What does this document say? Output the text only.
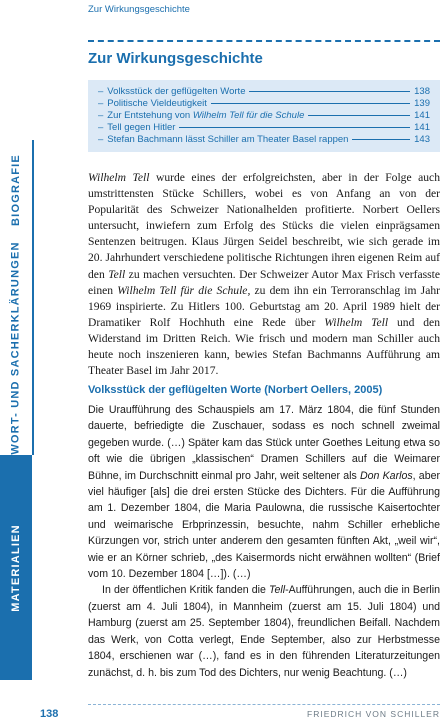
BIOGRAFIE
WORT- UND SACHERKLÄRUNGEN
MATERIALIEN
Zur Wirkungsgeschichte
Zur Wirkungsgeschichte
– Volksstück der geflügelten Worte	138
– Politische Vieldeutigkeit	139
– Zur Entstehung von Wilhelm Tell für die Schule	141
– Tell gegen Hitler	141
– Stefan Bachmann lässt Schiller am Theater Basel rappen	143
Wilhelm Tell wurde eines der erfolgreichsten, aber in der Folge auch umstrittensten Stücke Schillers, wobei es von Anfang an von der Popularität des Schweizer Nationalhelden profitierte. Norbert Oellers untersucht, inwiefern zum Erfolg des Stücks die vielen einprägsamen Sentenzen beitrugen. Klaus Jürgen Seidel beschreibt, wie sich gerade im 20. Jahrhundert verschiedene politische Richtungen ihren eigenen Reim auf den Tell zu machen versuchten. Der Schweizer Autor Max Frisch verfasste einen Wilhelm Tell für die Schule, zu dem ihn ein Terroranschlag im Jahr 1969 inspirierte. Zu Hitlers 100. Geburtstag am 20. April 1989 hielt der Dramatiker Rolf Hochhuth eine Rede über Wilhelm Tell und den Widerstand im Dritten Reich. Wie frisch und modern man Schiller auch heute noch inszenieren kann, bewies Stefan Bachmanns Aufführung am Theater Basel im Jahr 2017.
Volksstück der geflügelten Worte (Norbert Oellers, 2005)

Die Uraufführung des Schauspiels am 17. März 1804, die fünf Stunden dauerte, befriedigte die Zuschauer, sodass es noch schnell zweimal gegeben wurde. (…) Später kam das Stück unter Goethes Leitung etwa so oft wie die übrigen „klassischen“ Dramen Schillers auf die Weimarer Bühne, im Durchschnitt einmal pro Jahr, weit seltener als Don Karlos, aber viel häufiger [als] die drei ersten Stücke des Dichters. Für die Aufführung am 1. Dezember 1804, die Maria Paulowna, die russische Kaisertochter und weimarische Erbprinzessin, besuchte, nahm Schiller erhebliche Kürzungen vor, strich unter anderem den gesamten fünften Akt, „weil wir“, wie er an Körner schrieb, „des Kaisermords nicht erwähnen wollten“ (Brief vom 10. Dezember 1804 […]). (…)

In der öffentlichen Kritik fanden die Tell-Aufführungen, auch die in Berlin (zuerst am 4. Juli 1804), in Mannheim (zuerst am 15. Juli 1804) und Hamburg (zuerst am 25. September 1804), freundlichen Beifall. Nachdem das Werk, von Cotta verlegt, Ende September, also zur Herbstmesse 1804, erschienen war (…), fand es in den führenden Literaturzeitungen zunächst, d. h. bis zum Tod des Dichters, nur wenig Beachtung. (…)

138	FRIEDRICH VON SCHILLER
